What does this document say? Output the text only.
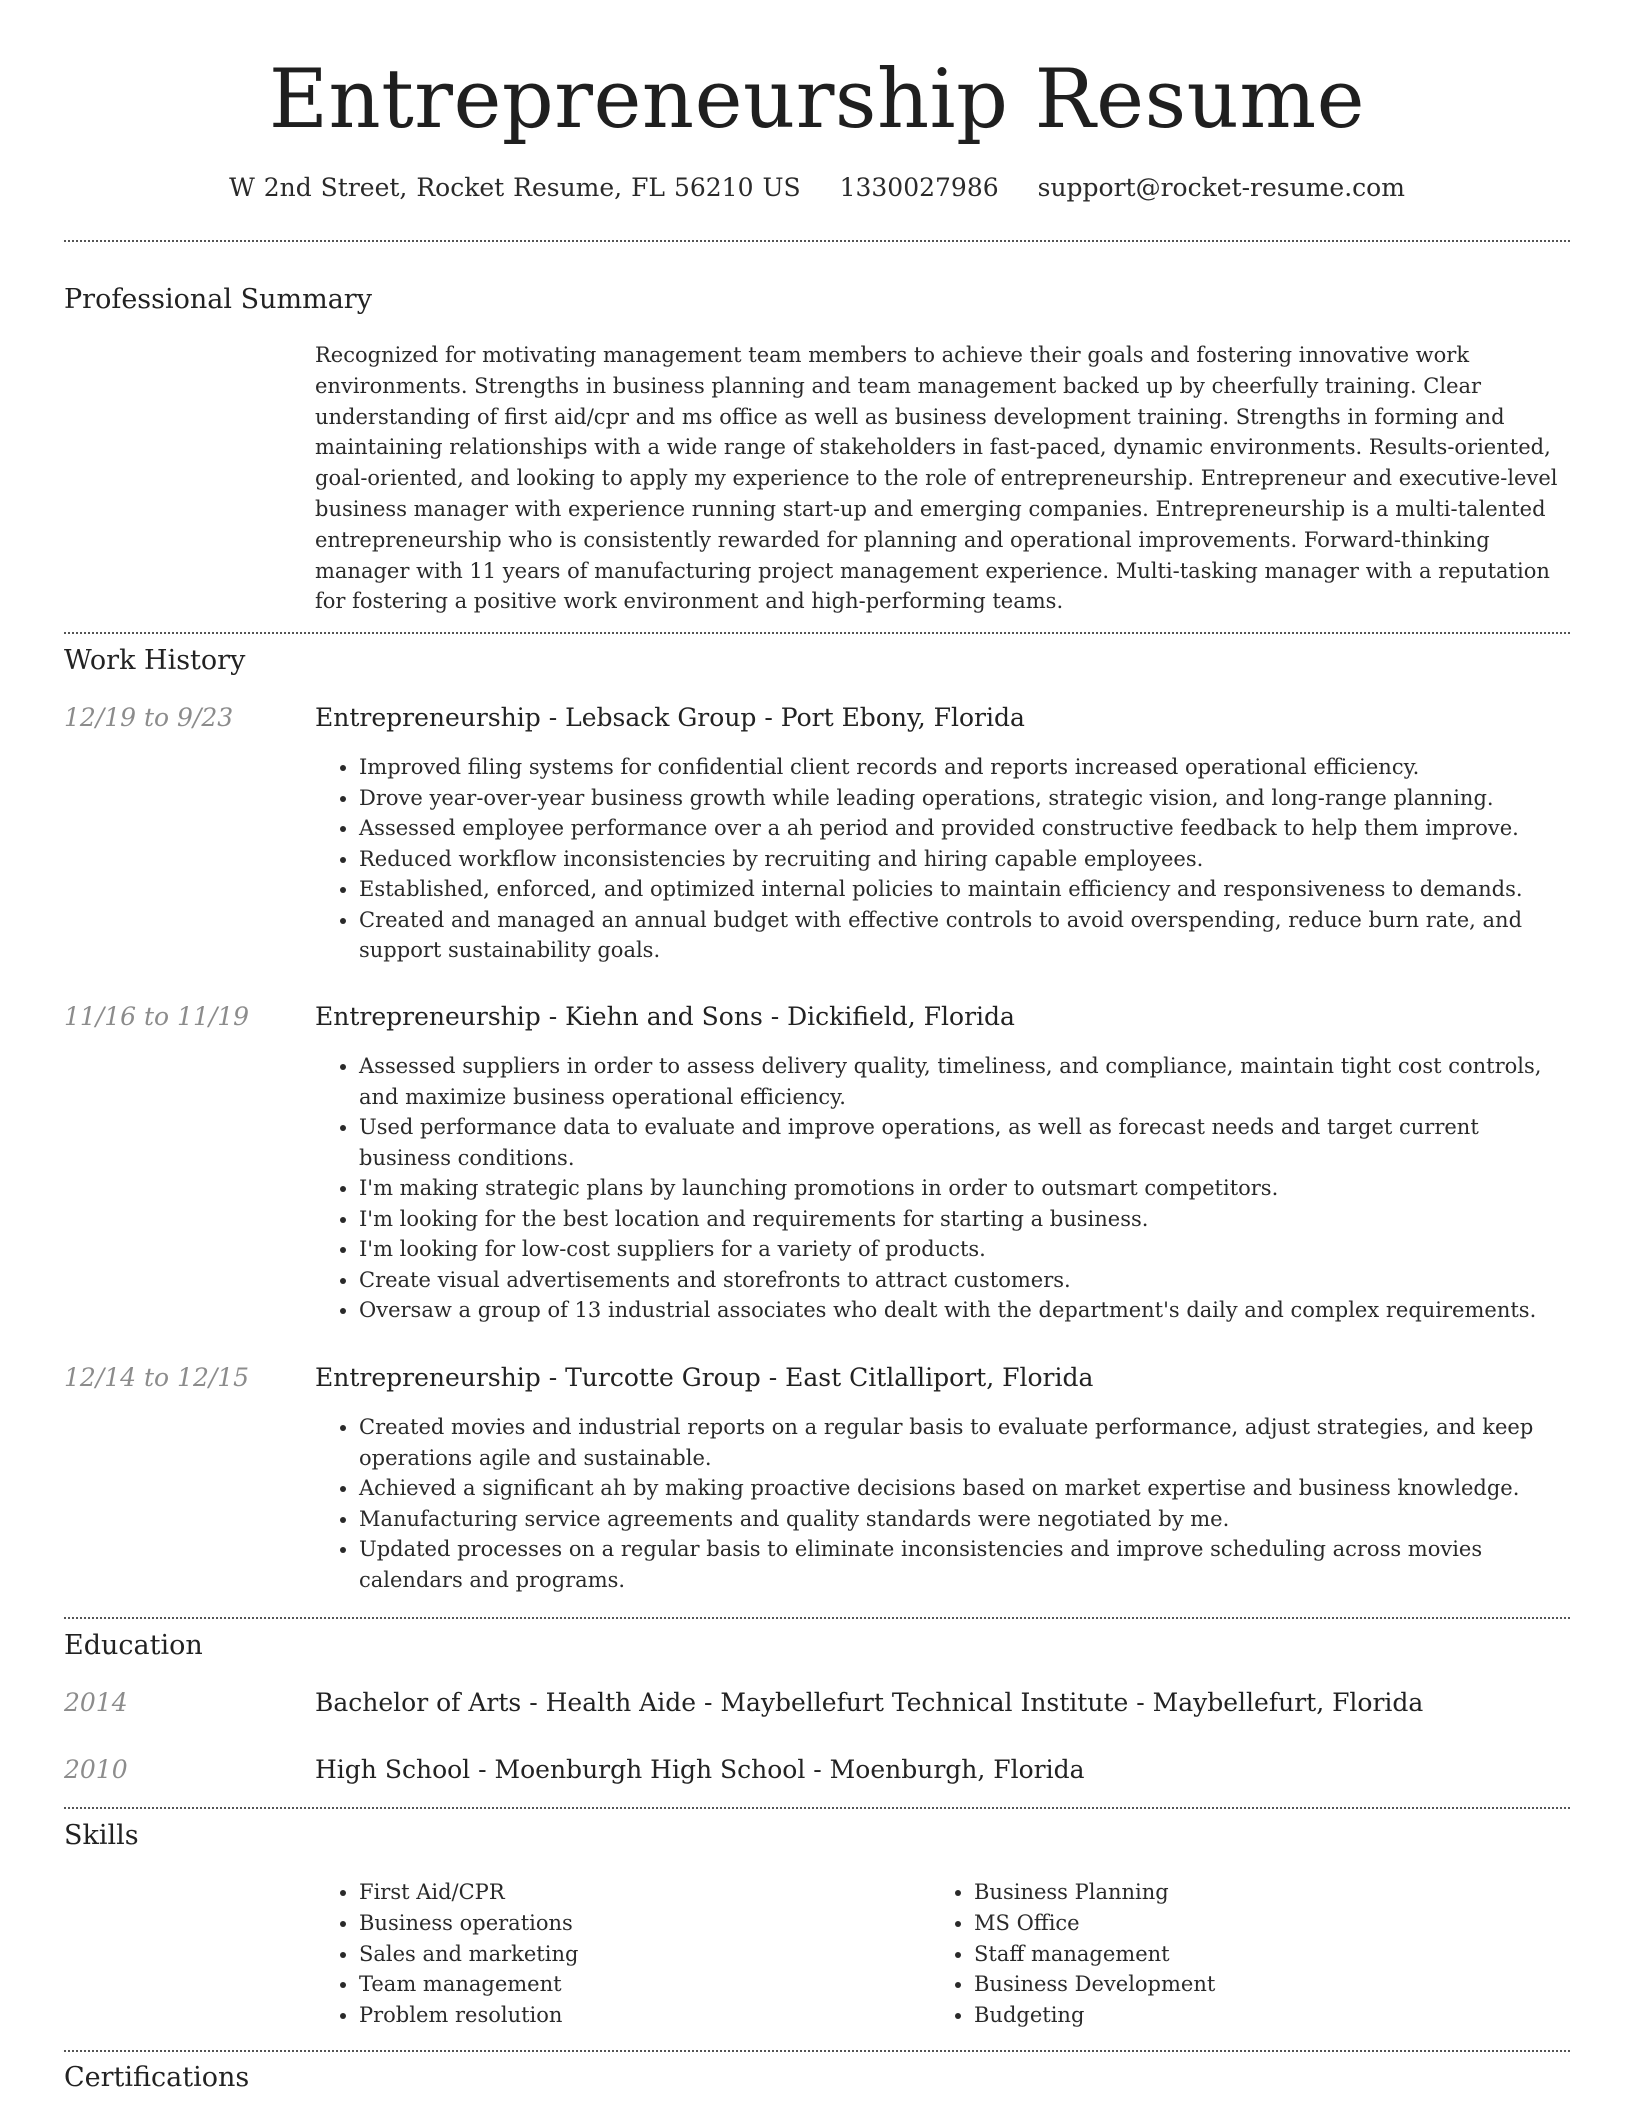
Entrepreneurship Resume
W 2nd Street, Rocket Resume, FL 56210 US 1330027986 support@rocket-resume.com
Professional Summary

Recognized for motivating management team members to achieve their goals and fostering innovative work environments. Strengths in business planning and team management backed up by cheerfully training. Clear understanding of first aid/cpr and ms office as well as business development training. Strengths in forming and maintaining relationships with a wide range of stakeholders in fast-paced, dynamic environments. Results-oriented, goal-oriented, and looking to apply my experience to the role of entrepreneurship. Entrepreneur and executive-level business manager with experience running start-up and emerging companies. Entrepreneurship is a multi-talented entrepreneurship who is consistently rewarded for planning and operational improvements. Forward-thinking manager with 11 years of manufacturing project management experience. Multi-tasking manager with a reputation for fostering a positive work environment and high-performing teams.

Work History
12/19 to 9/23	Entrepreneurship - Lebsack Group - Port Ebony, Florida
• Improved filing systems for confidential client records and reports increased operational efficiency.
• Drove year-over-year business growth while leading operations, strategic vision, and long-range planning.
• Assessed employee performance over a ah period and provided constructive feedback to help them improve.
• Reduced workflow inconsistencies by recruiting and hiring capable employees.
• Established, enforced, and optimized internal policies to maintain efficiency and responsiveness to demands.
• Created and managed an annual budget with effective controls to avoid overspending, reduce burn rate, and support sustainability goals.
11/16 to 11/19	Entrepreneurship - Kiehn and Sons - Dickifield, Florida
• Assessed suppliers in order to assess delivery quality, timeliness, and compliance, maintain tight cost controls, and maximize business operational efficiency.
• Used performance data to evaluate and improve operations, as well as forecast needs and target current business conditions.
• I'm making strategic plans by launching promotions in order to outsmart competitors.
• I'm looking for the best location and requirements for starting a business.
• I'm looking for low-cost suppliers for a variety of products.
• Create visual advertisements and storefronts to attract customers.
• Oversaw a group of 13 industrial associates who dealt with the department's daily and complex requirements.
12/14 to 12/15	Entrepreneurship - Turcotte Group - East Citlalliport, Florida
• Created movies and industrial reports on a regular basis to evaluate performance, adjust strategies, and keep operations agile and sustainable.
• Achieved a significant ah by making proactive decisions based on market expertise and business knowledge.
• Manufacturing service agreements and quality standards were negotiated by me.
• Updated processes on a regular basis to eliminate inconsistencies and improve scheduling across movies calendars and programs.
Education
2014	Bachelor of Arts - Health Aide - Maybellefurt Technical Institute - Maybellefurt, Florida
2010	High School - Moenburgh High School - Moenburgh, Florida
Skills
• First Aid/CPR
• Business operations
• Sales and marketing
• Team management
• Problem resolution
• Business Planning
• MS Office
• Staff management
• Business Development
• Budgeting
Certifications
